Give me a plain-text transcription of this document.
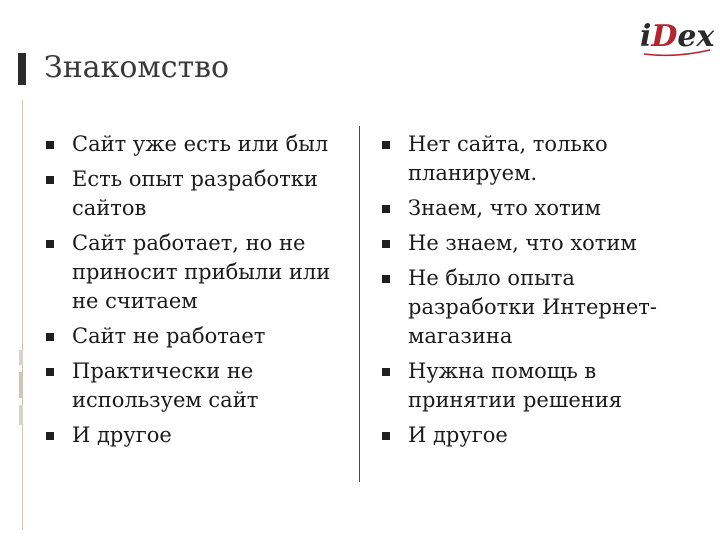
Знакомство
iDex
Сайт уже есть или был
Есть опыт разработки сайтов
Сайт работает, но не приносит прибыли или не считаем
Сайт не работает
Практически не используем сайт
И другое
Нет сайта, только планируем.
Знаем, что хотим
Не знаем, что хотим
Не было опыта разработки Интернет-магазина
Нужна помощь в принятии решения
И другое
